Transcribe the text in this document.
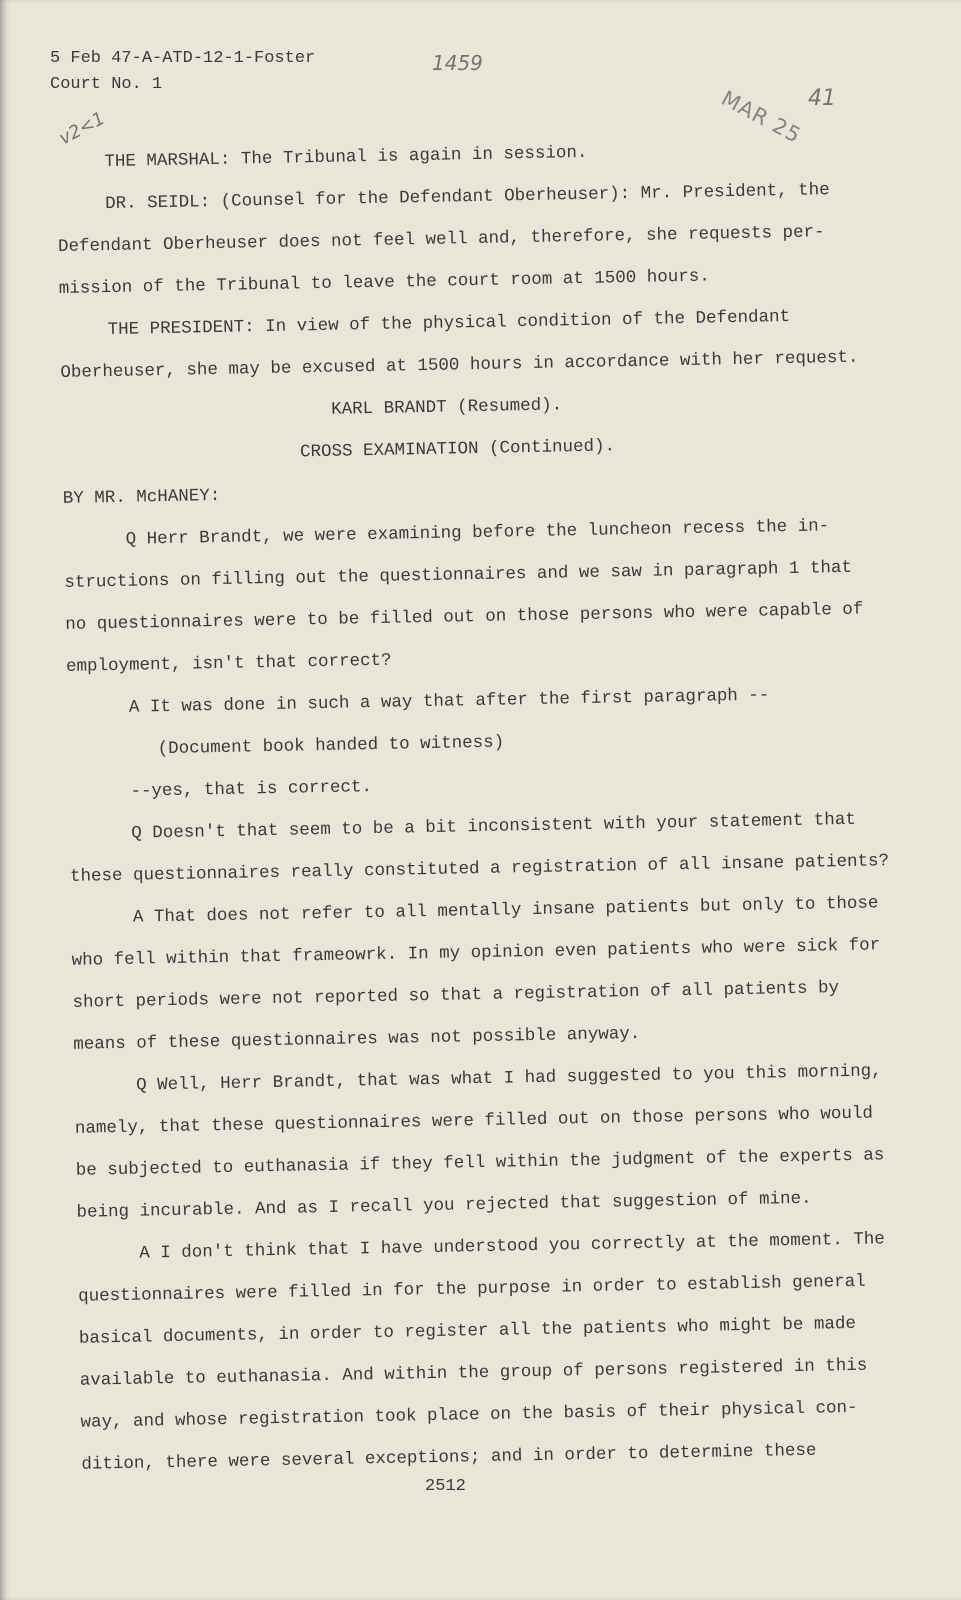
5 Feb 47-A-ATD-12-1-Foster
Court No. 1
1459
41
v2<1	MAR 25
THE MARSHAL: The Tribunal is again in session.
DR. SEIDL: (Counsel for the Defendant Oberheuser): Mr. President, the
Defendant Oberheuser does not feel well and, therefore, she requests per-
mission of the Tribunal to leave the court room at 1500 hours.
THE PRESIDENT: In view of the physical condition of the Defendant
Oberheuser, she may be excused at 1500 hours in accordance with her request.
KARL BRANDT (Resumed).
CROSS EXAMINATION (Continued).
BY MR. McHANEY:
Q Herr Brandt, we were examining before the luncheon recess the in-
structions on filling out the questionnaires and we saw in paragraph 1 that
no questionnaires were to be filled out on those persons who were capable of
employment, isn't that correct?
A It was done in such a way that after the first paragraph --
(Document book handed to witness)
--yes, that is correct.
Q Doesn't that seem to be a bit inconsistent with your statement that
these questionnaires really constituted a registration of all insane patients?
A That does not refer to all mentally insane patients but only to those
who fell within that frameowrk. In my opinion even patients who were sick for
short periods were not reported so that a registration of all patients by
means of these questionnaires was not possible anyway.
Q Well, Herr Brandt, that was what I had suggested to you this morning,
namely, that these questionnaires were filled out on those persons who would
be subjected to euthanasia if they fell within the judgment of the experts as
being incurable. And as I recall you rejected that suggestion of mine.
A I don't think that I have understood you correctly at the moment. The
questionnaires were filled in for the purpose in order to establish general
basical documents, in order to register all the patients who might be made
available to euthanasia. And within the group of persons registered in this
way, and whose registration took place on the basis of their physical con-
dition, there were several exceptions; and in order to determine these
2512
